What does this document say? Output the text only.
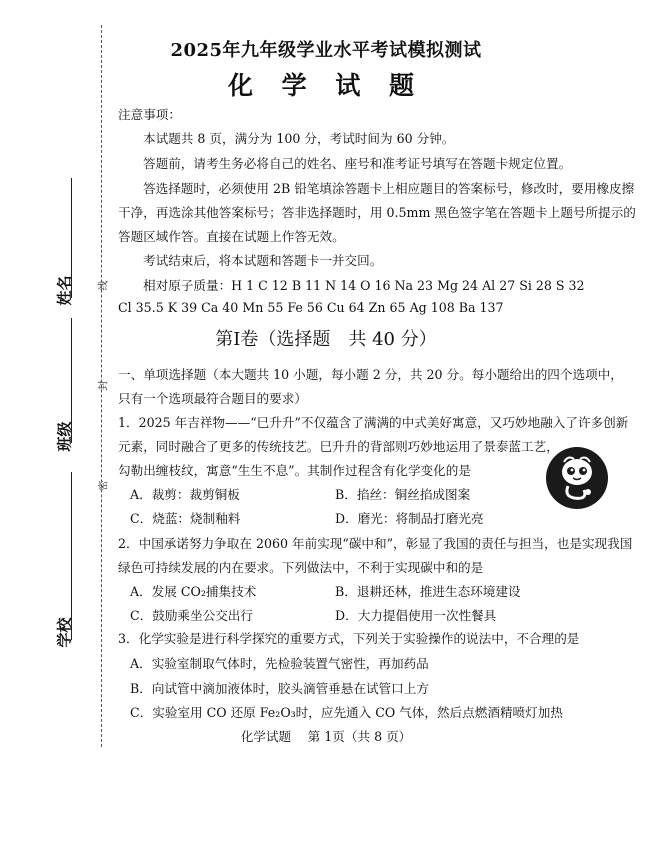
姓名
班级
学校
线
封
密
2025年九年级学业水平考试模拟测试
化 学 试 题
注意事项：
本试题共 8 页，满分为 100 分，考试时间为 60 分钟。
答题前，请考生务必将自己的姓名、座号和准考证号填写在答题卡规定位置。
答选择题时，必须使用 2B 铅笔填涂答题卡上相应题目的答案标号，修改时，要用橡皮擦
干净，再选涂其他答案标号；答非选择题时，用 0.5mm 黑色签字笔在答题卡上题号所提示的
答题区域作答。直接在试题上作答无效。
考试结束后，将本试题和答题卡一并交回。
相对原子质量：H 1 C 12 B 11 N 14 O 16 Na 23 Mg 24 Al 27 Si 28 S 32
Cl 35.5 K 39 Ca 40 Mn 55 Fe 56 Cu 64 Zn 65 Ag 108 Ba 137
第Ⅰ卷（选择题　共 40 分）
一、单项选择题（本大题共 10 小题，每小题 2 分，共 20 分。每小题给出的四个选项中，
只有一个选项最符合题目的要求）
1．2025 年吉祥物——“巳升升”不仅蕴含了满满的中式美好寓意，又巧妙地融入了许多创新
元素，同时融合了更多的传统技艺。巳升升的背部则巧妙地运用了景泰蓝工艺，
勾勒出缠枝纹，寓意“生生不息”。其制作过程含有化学变化的是
A．裁剪：裁剪铜板	B．掐丝：铜丝掐成图案
C．烧蓝：烧制釉料	D．磨光：将制品打磨光亮
2．中国承诺努力争取在 2060 年前实现“碳中和”，彰显了我国的责任与担当，也是实现我国
绿色可持续发展的内在要求。下列做法中，不利于实现碳中和的是
A．发展 CO₂捕集技术	B．退耕还林，推进生态环境建设
C．鼓励乘坐公交出行	D．大力提倡使用一次性餐具
3．化学实验是进行科学探究的重要方式，下列关于实验操作的说法中，不合理的是
A．实验室制取气体时，先检验装置气密性，再加药品
B．向试管中滴加液体时，胶头滴管垂悬在试管口上方
C．实验室用 CO 还原 Fe₂O₃时，应先通入 CO 气体，然后点燃酒精喷灯加热
化学试题　 第 1页（共 8 页）
